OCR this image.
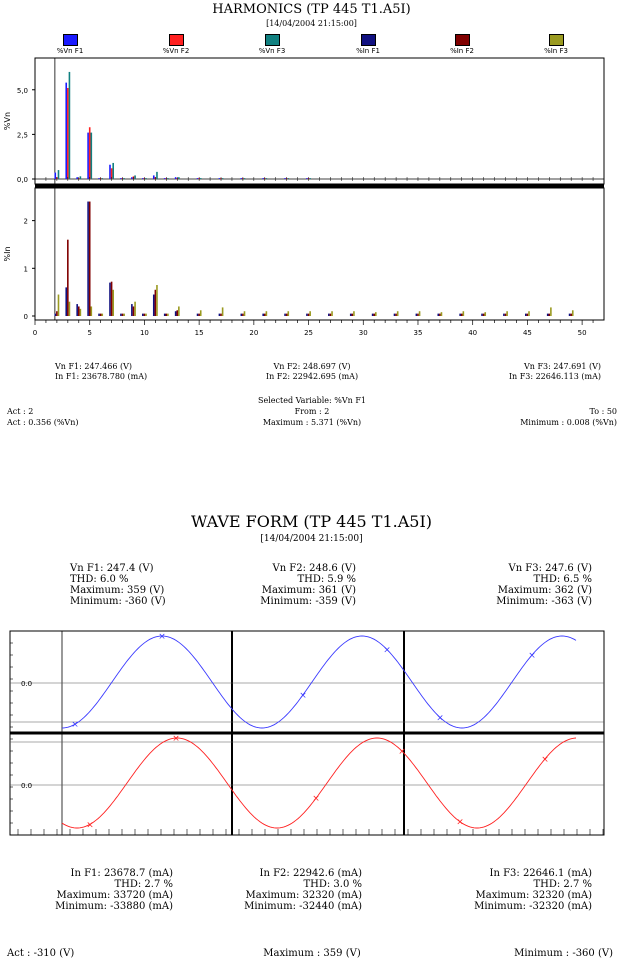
HARMONICS (TP 445 T1.A5I)
[14/04/2004 21:15:00]
%Vn F1	%Vn F2	%Vn F3	%In F1	%In F2	%In F3
0,0
2,5
5,0
%Vn
0
1
2
%In
0	5	10	15	20	25	30	35	40	45	50
Vn F1: 247.466 (V)
In F1: 23678.780 (mA)
Vn F2: 248.697 (V)
In F2: 22942.695 (mA)
Vn F3: 247.691 (V)
In F3: 22646.113 (mA)
Selected Variable: %Vn F1
Act : 2
Act : 0.356 (%Vn)
From : 2
Maximum : 5.371 (%Vn)
To : 50
Minimum : 0.008 (%Vn)
WAVE FORM (TP 445 T1.A5I)
[14/04/2004 21:15:00]
Vn F1: 247.4 (V)
THD: 6.0 %
Maximum: 359 (V)
Minimum: -360 (V)
Vn F2: 248.6 (V)
THD: 5.9 %
Maximum: 361 (V)
Minimum: -359 (V)
Vn F3: 247.6 (V)
THD: 6.5 %
Maximum: 362 (V)
Minimum: -363 (V)
0.0
0.0
×
×
×
×
×
×
×
×
×
×
×
×
In F1: 23678.7 (mA)
THD: 2.7 %
Maximum: 33720 (mA)
Minimum: -33880 (mA)
In F2: 22942.6 (mA)
THD: 3.0 %
Maximum: 32320 (mA)
Minimum: -32440 (mA)
In F3: 22646.1 (mA)
THD: 2.7 %
Maximum: 32320 (mA)
Minimum: -32320 (mA)
Act : -310 (V)	Maximum : 359 (V)	Minimum : -360 (V)
